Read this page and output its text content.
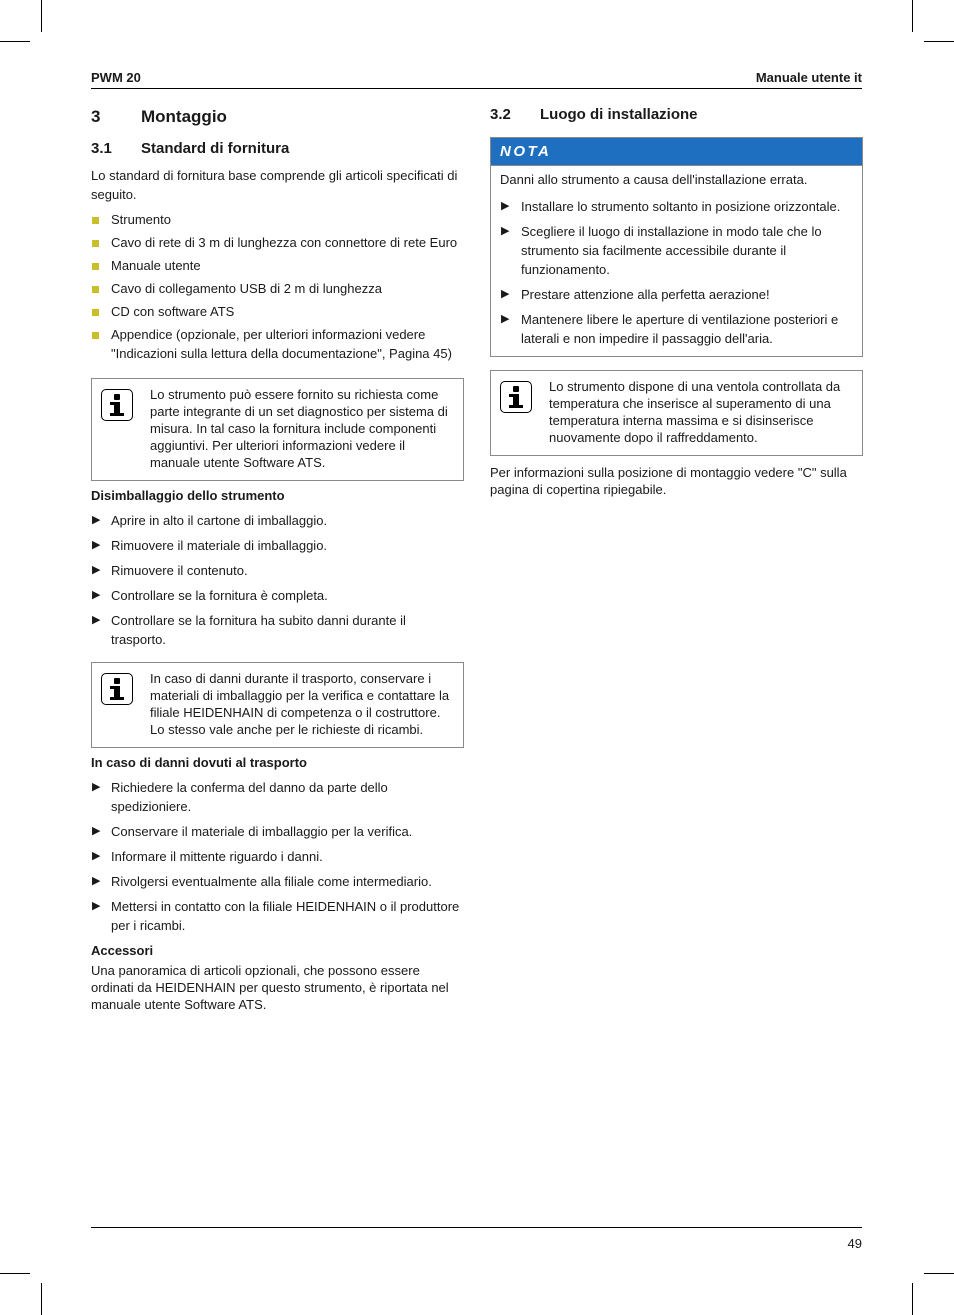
PWM 20	Manuale utente it
3 Montaggio
3.1 Standard di fornitura

Lo standard di fornitura base comprende gli articoli specificati di seguito.

Strumento
Cavo di rete di 3 m di lunghezza con connettore di rete Euro
Manuale utente
Cavo di collegamento USB di 2 m di lunghezza
CD con software ATS
Appendice (opzionale, per ulteriori informazioni vedere "Indicazioni sulla lettura della documentazione", Pagina 45)
Lo strumento può essere fornito su richiesta come parte integrante di un set diagnostico per sistema di misura. In tal caso la fornitura include componenti aggiuntivi. Per ulteriori informazioni vedere il manuale utente Software ATS.
Disimballaggio dello strumento
▶ Aprire in alto il cartone di imballaggio.
▶ Rimuovere il materiale di imballaggio.
▶ Rimuovere il contenuto.
▶ Controllare se la fornitura è completa.
▶ Controllare se la fornitura ha subito danni durante il trasporto.
In caso di danni durante il trasporto, conservare i materiali di imballaggio per la verifica e contattare la filiale HEIDENHAIN di competenza o il costruttore. Lo stesso vale anche per le richieste di ricambi.
In caso di danni dovuti al trasporto
▶ Richiedere la conferma del danno da parte dello spedizioniere.
▶ Conservare il materiale di imballaggio per la verifica.
▶ Informare il mittente riguardo i danni.
▶ Rivolgersi eventualmente alla filiale come intermediario.
▶ Mettersi in contatto con la filiale HEIDENHAIN o il produttore per i ricambi.
Accessori

Una panoramica di articoli opzionali, che possono essere ordinati da HEIDENHAIN per questo strumento, è riportata nel manuale utente Software ATS.

3.2 Luogo di installazione
NOTA

Danni allo strumento a causa dell'installazione errata.

▶ Installare lo strumento soltanto in posizione orizzontale.
▶ Scegliere il luogo di installazione in modo tale che lo strumento sia facilmente accessibile durante il funzionamento.
▶ Prestare attenzione alla perfetta aerazione!
▶ Mantenere libere le aperture di ventilazione posteriori e laterali e non impedire il passaggio dell'aria.
Lo strumento dispone di una ventola controllata da temperatura che inserisce al superamento di una temperatura interna massima e si disinserisce nuovamente dopo il raffreddamento.

Per informazioni sulla posizione di montaggio vedere "C" sulla pagina di copertina ripiegabile.

49
